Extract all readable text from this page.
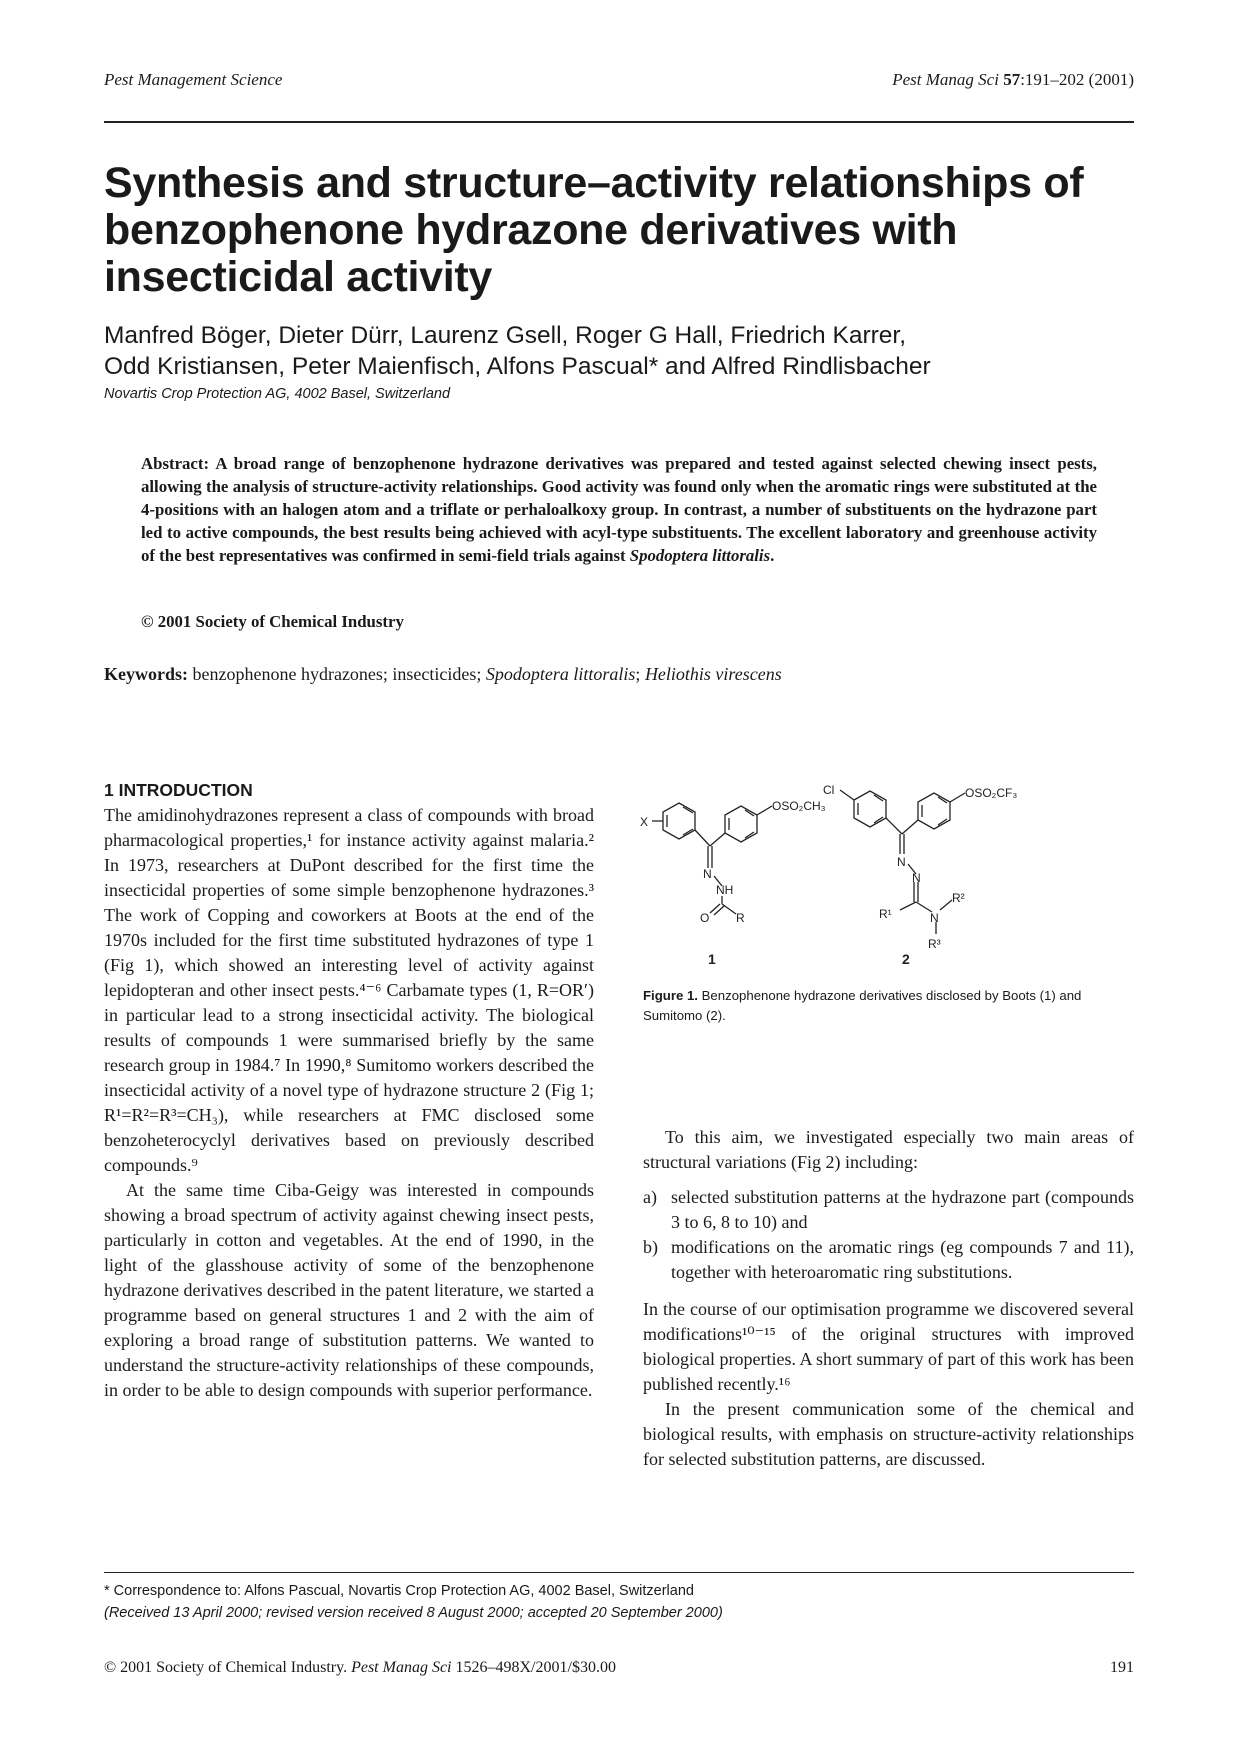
Pest Management Science	Pest Manag Sci 57:191–202 (2001)
Synthesis and structure–activity relationships of benzophenone hydrazone derivatives with insecticidal activity
Manfred Böger, Dieter Dürr, Laurenz Gsell, Roger G Hall, Friedrich Karrer,
Odd Kristiansen, Peter Maienfisch, Alfons Pascual* and Alfred Rindlisbacher
Novartis Crop Protection AG, 4002 Basel, Switzerland
Abstract: A broad range of benzophenone hydrazone derivatives was prepared and tested against selected chewing insect pests, allowing the analysis of structure-activity relationships. Good activity was found only when the aromatic rings were substituted at the 4-positions with an halogen atom and a triflate or perhaloalkoxy group. In contrast, a number of substituents on the hydrazone part led to active compounds, the best results being achieved with acyl-type substituents. The excellent laboratory and greenhouse activity of the best representatives was confirmed in semi-field trials against Spodoptera littoralis.
© 2001 Society of Chemical Industry
Keywords: benzophenone hydrazones; insecticides; Spodoptera littoralis; Heliothis virescens
1 INTRODUCTION

The amidinohydrazones represent a class of compounds with broad pharmacological properties,¹ for instance activity against malaria.² In 1973, researchers at DuPont described for the first time the insecticidal properties of some simple benzophenone hydrazones.³ The work of Copping and coworkers at Boots at the end of the 1970s included for the first time substituted hydrazones of type 1 (Fig 1), which showed an interesting level of activity against lepidopteran and other insect pests.⁴⁻⁶ Carbamate types (1, R=OR′) in particular lead to a strong insecticidal activity. The biological results of compounds 1 were summarised briefly by the same research group in 1984.⁷ In 1990,⁸ Sumitomo workers described the insecticidal activity of a novel type of hydrazone structure 2 (Fig 1; R¹=R²=R³=CH₃), while researchers at FMC disclosed some benzoheterocyclyl derivatives based on previously described compounds.⁹

At the same time Ciba-Geigy was interested in compounds showing a broad spectrum of activity against chewing insect pests, particularly in cotton and vegetables. At the end of 1990, in the light of the glasshouse activity of some of the benzophenone hydrazone derivatives described in the patent literature, we started a programme based on general structures 1 and 2 with the aim of exploring a broad range of substitution patterns. We wanted to understand the structure-activity relationships of these compounds, in order to be able to design compounds with superior performance.

X
OSO₂CH₃
N
NH
O R
1
Cl	OSO₂CF₃
N
N
N
R¹
R²
R³
2
Figure 1. Benzophenone hydrazone derivatives disclosed by Boots (1) and Sumitomo (2).

To this aim, we investigated especially two main areas of structural variations (Fig 2) including:

a) selected substitution patterns at the hydrazone part (compounds 3 to 6, 8 to 10) and
b) modifications on the aromatic rings (eg compounds 7 and 11), together with heteroaromatic ring substitutions.

In the course of our optimisation programme we discovered several modifications¹⁰⁻¹⁵ of the original structures with improved biological properties. A short summary of part of this work has been published recently.¹⁶

In the present communication some of the chemical and biological results, with emphasis on structure-activity relationships for selected substitution patterns, are discussed.

* Correspondence to: Alfons Pascual, Novartis Crop Protection AG, 4002 Basel, Switzerland
(Received 13 April 2000; revised version received 8 August 2000; accepted 20 September 2000)
© 2001 Society of Chemical Industry. Pest Manag Sci 1526–498X/2001/$30.00	191
